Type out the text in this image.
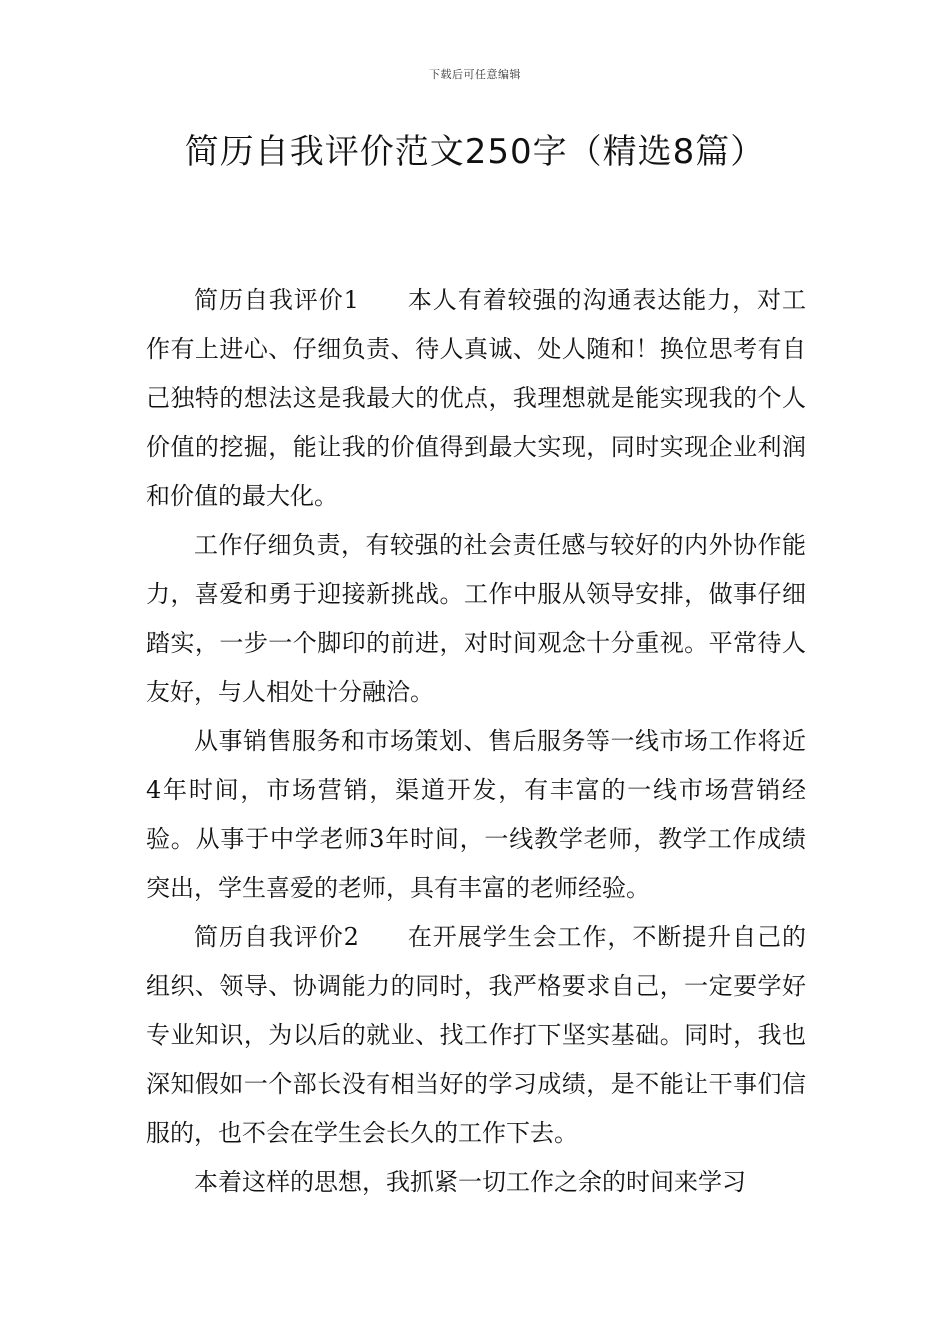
下载后可任意编辑
简历自我评价范文250字（精选8篇）

简历自我评价1 本人有着较强的沟通表达能力，对工作有上进心、仔细负责、待人真诚、处人随和！换位思考有自己独特的想法这是我最大的优点，我理想就是能实现我的个人价值的挖掘，能让我的价值得到最大实现，同时实现企业利润和价值的最大化。

工作仔细负责，有较强的社会责任感与较好的内外协作能力，喜爱和勇于迎接新挑战。工作中服从领导安排，做事仔细踏实，一步一个脚印的前进，对时间观念十分重视。平常待人友好，与人相处十分融洽。

从事销售服务和市场策划、售后服务等一线市场工作将近4年时间，市场营销，渠道开发，有丰富的一线市场营销经验。从事于中学老师3年时间，一线教学老师，教学工作成绩突出，学生喜爱的老师，具有丰富的老师经验。

简历自我评价2 在开展学生会工作，不断提升自己的组织、领导、协调能力的同时，我严格要求自己，一定要学好专业知识，为以后的就业、找工作打下坚实基础。同时，我也深知假如一个部长没有相当好的学习成绩，是不能让干事们信服的，也不会在学生会长久的工作下去。

本着这样的思想，我抓紧一切工作之余的时间来学习
